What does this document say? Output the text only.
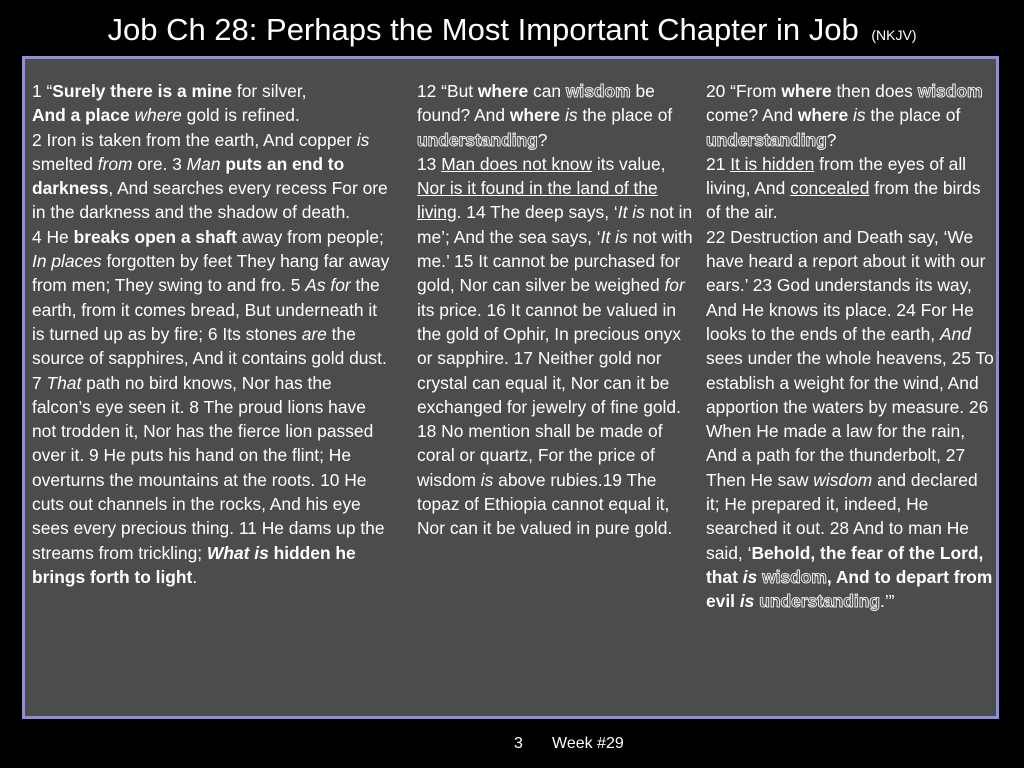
Job Ch 28: Perhaps the Most Important Chapter in Job (NKJV)

1 “Surely there is a mine for silver,
And a place where gold is refined.
2 Iron is taken from the earth, And copper is smelted from ore. 3 Man puts an end to darkness, And searches every recess For ore in the darkness and the shadow of death.
4 He breaks open a shaft away from people; In places forgotten by feet They hang far away from men; They swing to and fro. 5 As for the earth, from it comes bread, But underneath it is turned up as by fire; 6 Its stones are the source of sapphires, And it contains gold dust. 7 That path no bird knows, Nor has the falcon’s eye seen it. 8 The proud lions have not trodden it, Nor has the fierce lion passed over it. 9 He puts his hand on the flint; He overturns the mountains at the roots. 10 He cuts out channels in the rocks, And his eye sees every precious thing. 11 He dams up the streams from trickling; What is hidden he brings forth to light.

12 “But where can wisdom be found? And where is the place of understanding?
13 Man does not know its value, Nor is it found in the land of the living. 14 The deep says, ‘It is not in me’; And the sea says, ‘It is not with me.’ 15 It cannot be purchased for gold, Nor can silver be weighed for its price. 16 It cannot be valued in the gold of Ophir, In precious onyx or sapphire. 17 Neither gold nor crystal can equal it, Nor can it be exchanged for jewelry of fine gold. 18 No mention shall be made of coral or quartz, For the price of wisdom is above rubies.19 The topaz of Ethiopia cannot equal it, Nor can it be valued in pure gold.

20 “From where then does wisdom come? And where is the place of understanding?
21 It is hidden from the eyes of all living, And concealed from the birds of the air.
22 Destruction and Death say, ‘We have heard a report about it with our ears.’ 23 God understands its way, And He knows its place. 24 For He looks to the ends of the earth, And sees under the whole heavens, 25 To establish a weight for the wind, And apportion the waters by measure. 26 When He made a law for the rain, And a path for the thunderbolt, 27 Then He saw wisdom and declared it; He prepared it, indeed, He searched it out. 28 And to man He said, ‘Behold, the fear of the Lord, that is wisdom, And to depart from evil is understanding.’”

3 Week #29
